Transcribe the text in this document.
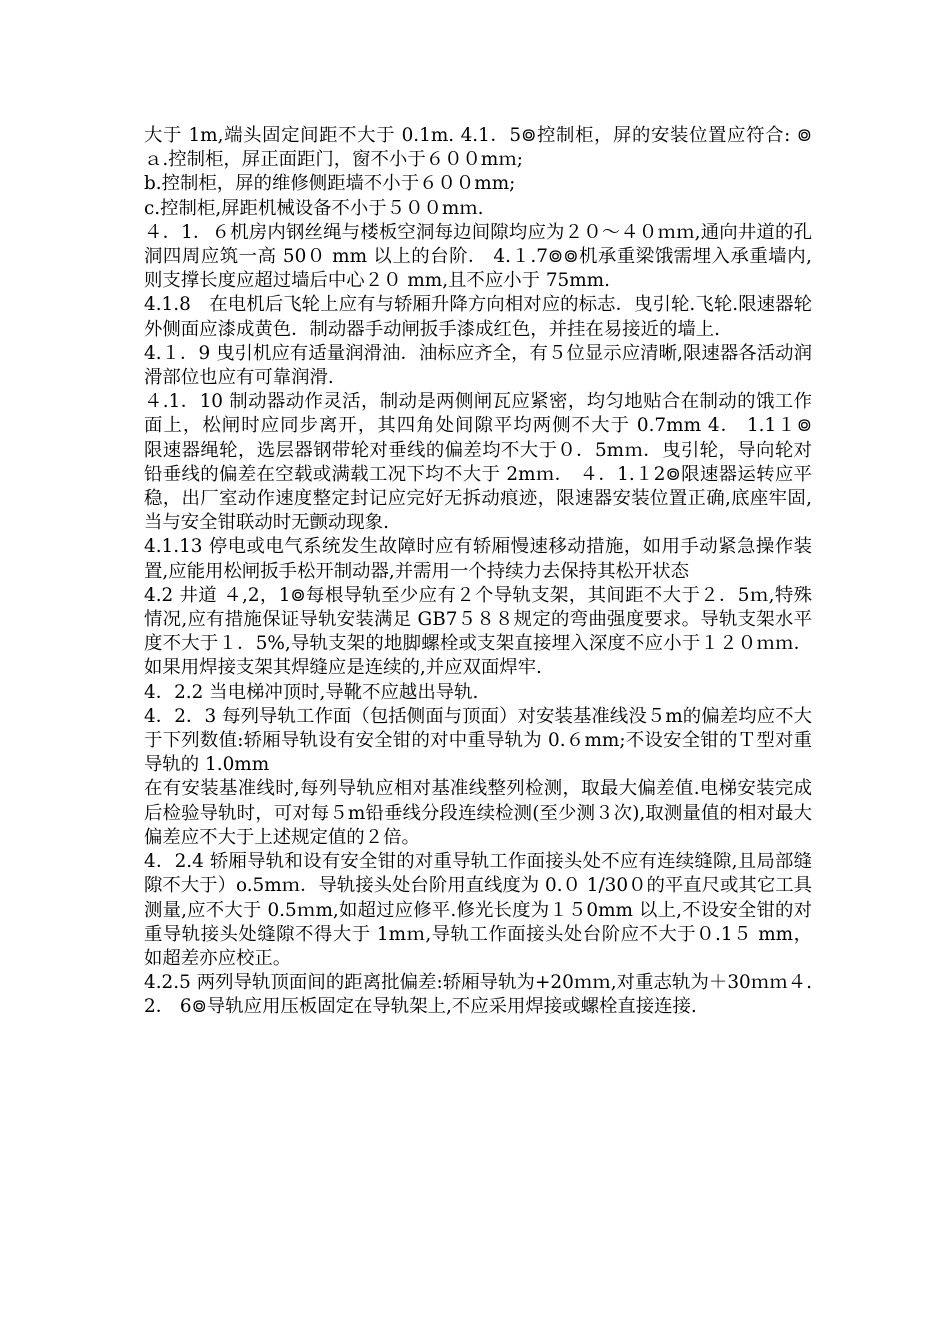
大于 1m,端头固定间距不大于 0.1m. 4.1．5៙控制柜，屏的安装位置应符合: ៙ａ.控制柜，屏正面距门，窗不小于６００mｍ;

b.控制柜，屏的维修侧距墙不小于６００mm;

c.控制柜,屏距机械设备不小于５００mｍ.

４．1．６机房内钢丝绳与楼板空洞每边间隙均应为２０～４０ｍｍ,通向井道的孔洞四周应筑一高 50０ mm 以上的台阶． 4.１.7៙៙机承重梁饿需埋入承重墙内,则支撑长度应超过墙后中心２０ mm,且不应小于 75mm.

4.1.8　在电机后飞轮上应有与轿厢升降方向相对应的标志．曳引轮.飞轮.限速器轮外侧面应漆成黄色．制动器手动闸扳手漆成红色，并挂在易接近的墙上.

4.１．9 曳引机应有适量润滑油．油标应齐全，有５位显示应清晰,限速器各活动润滑部位也应有可靠润滑.

４.1．10 制动器动作灵活，制动是两侧闸瓦应紧密，均匀地贴合在制动的饿工作面上，松闸时应同步离开，其四角处间隙平均两侧不大于 0.7mm 4． 1.1１៙　限速器绳轮，选层器钢带轮对垂线的偏差均不大于０．5mｍ．曳引轮，导向轮对铅垂线的偏差在空载或满载工况下均不大于 2mｍ． ４．1.１2៙限速器运转应平稳，出厂室动作速度整定封记应完好无拆动痕迹，限速器安装位置正确,底座牢固,当与安全钳联动时无颤动现象.

4.1.13 停电或电气系统发生故障时应有轿厢慢速移动措施，如用手动紧急操作装置,应能用松闸扳手松开制动器,并需用一个持续力去保持其松开状态

4.2 井道 ４,2，1៙每根导轨至少应有２个导轨支架，其间距不大于２．5ｍ,特殊情况,应有措施保证导轨安装满足 GB7５８８规定的弯曲强度要求。导轨支架水平度不大于１．5%,导轨支架的地脚螺栓或支架直接埋入深度不应小于１２０ｍｍ．如果用焊接支架其焊缝应是连续的,并应双面焊牢.

4．2.2 当电梯冲顶时,导靴不应越出导轨.

4．2．3 每列导轨工作面（包括侧面与顶面）对安装基准线没５m的偏差均应不大于下列数值:轿厢导轨设有安全钳的对中重导轨为 0.６mm;不设安全钳的Ｔ型对重导轨的 1.0mm

在有安装基准线时,每列导轨应相对基准线整列检测，取最大偏差值.电梯安装完成后检验导轨时，可对每５m铅垂线分段连续检测(至少测３次),取测量值的相对最大偏差应不大于上述规定值的２倍。

4．2.4 轿厢导轨和设有安全钳的对重导轨工作面接头处不应有连续缝隙,且局部缝隙不大于）o.5mｍ．导轨接头处台阶用直线度为 0.０ 1/30０的平直尺或其它工具测量,应不大于 0.5ｍm,如超过应修平.修光长度为１５0mm 以上,不设安全钳的对重导轨接头处缝隙不得大于 1mｍ,导轨工作面接头处台阶应不大于０.1５ mm，如超差亦应校正。

4.2.5 两列导轨顶面间的距离批偏差:轿厢导轨为+20ｍｍ,对重志轨为＋30ｍｍ４.2． 6៙导轨应用压板固定在导轨架上,不应采用焊接或螺栓直接连接.
